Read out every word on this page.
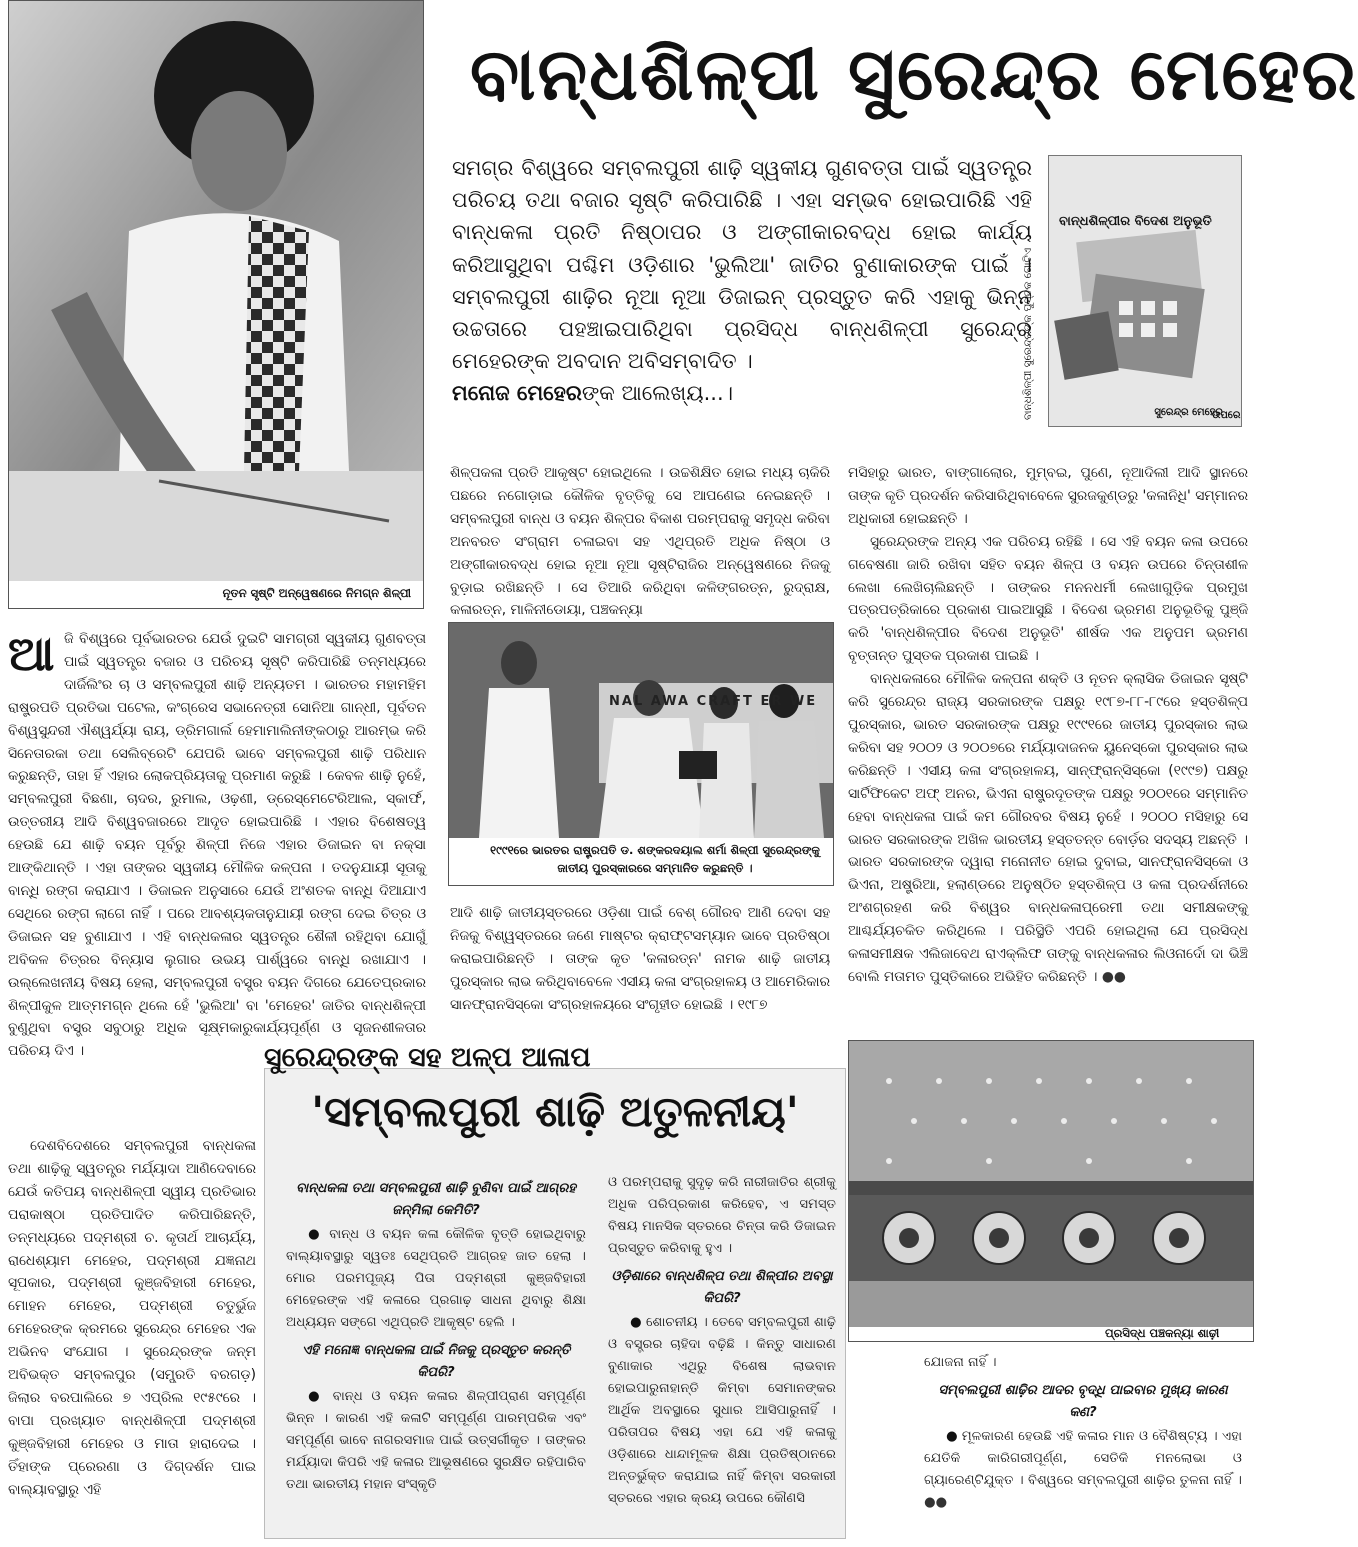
ନୂତନ ସୃଷ୍ଟି ଅନ୍ୱେଷଣରେ ନିମଗ୍ନ ଶିଳ୍ପୀ
ବାନ୍ଧଶିଳ୍ପୀ ସୁରେନ୍ଦ୍ର ମେହେର
ସମଗ୍ର ବିଶ୍ୱରେ ସମ୍ବଲପୁରୀ ଶାଢ଼ି ସ୍ୱକୀୟ ଗୁଣବତ୍ତା ପାଇଁ ସ୍ୱତନ୍ତ୍ର ପରିଚୟ ତଥା ବଜାର ସୃଷ୍ଟି କରିପାରିଛି । ଏହା ସମ୍ଭବ ହୋଇପାରିଛି ଏହି ବାନ୍ଧକଳା ପ୍ରତି ନିଷ୍ଠାପର ଓ ଅଙ୍ଗୀକାରବଦ୍ଧ ହୋଇ କାର୍ଯ୍ୟ କରିଆସୁଥିବା ପଶ୍ଚିମ ଓଡ଼ିଶାର 'ଭୁଲିଆ' ଜାତିର ବୁଣାକାରଙ୍କ ପାଇଁ । ସମ୍ବଲପୁରୀ ଶାଢ଼ିର ନୂଆ ନୂଆ ଡିଜାଇନ୍ ପ୍ରସ୍ତୁତ କରି ଏହାକୁ ଭିନ୍ନ ଉଚ୍ଚତାରେ ପହଞ୍ଚାଇପାରିଥିବା ପ୍ରସିଦ୍ଧ ବାନ୍ଧଶିଳ୍ପୀ ସୁରେନ୍ଦ୍ର ମେହେରଙ୍କ ଅବଦାନ ଅବିସମ୍ବାଦିତ ।
ମନୋଜ ମେହେରଙ୍କ ଆଲେଖ୍ୟ...।
ବାନ୍ଧଶିଳ୍ପୀର ବିଦେଶ ଅନୁଭୂତି
ସୁରେନ୍ଦ୍ର ମେହେର
ବାନ୍ଧଶିଳ୍ପୀ ସୁରେନ୍ଦ୍ରଙ୍କ ପୁସ୍ତକ ଗୋଟିଏ	ଉପରେ
ଆ ଜି ବିଶ୍ୱରେ ପୂର୍ବଭାରତର ଯେଉଁ ଦୁଇଟି ସାମଗ୍ରୀ ସ୍ୱକୀୟ ଗୁଣବତ୍ତା ପାଇଁ ସ୍ୱତନ୍ତ୍ର ବଜାର ଓ ପରିଚୟ ସୃଷ୍ଟି କରିପାରିଛି ତନ୍ମଧ୍ୟରେ ଦାର୍ଜିଲିଂର ଚା ଓ ସମ୍ବଲପୁରୀ ଶାଢ଼ି ଅନ୍ୟତମ । ଭାରତର ମହାମହିମ ରାଷ୍ଟ୍ରପତି ପ୍ରତିଭା ପଟେଲ, କଂଗ୍ରେସ ସଭାନେତ୍ରୀ ସୋନିଆ ଗାନ୍ଧୀ, ପୂର୍ବତନ ବିଶ୍ୱସୁନ୍ଦରୀ ଐଶ୍ୱର୍ଯ୍ୟା ରାୟ, ଡ୍ରିମଗାର୍ଲ ହେମାମାଲିନୀଙ୍କଠାରୁ ଆରମ୍ଭ କରି ସିନେତାରକା ତଥା ସେଲିବ୍ରେଟି ଯେପରି ଭାବେ ସମ୍ବଲପୁରୀ ଶାଢ଼ି ପରିଧାନ କରୁଛନ୍ତି, ତାହା ହିଁ ଏହାର ଲୋକପ୍ରିୟତାକୁ ପ୍ରମାଣ କରୁଛି । କେବଳ ଶାଢ଼ି ନୁହେଁ, ସମ୍ବଲପୁରୀ ବିଛଣା, ଚାଦର, ରୁମାଲ, ଓଢ଼ଣୀ, ଡ୍ରେସ୍‌ମେଟେରିଆଲ, ସ୍କାର୍ଫ, ଉତ୍ତରୀୟ ଆଦି ବିଶ୍ୱବଜାରରେ ଆଦୃତ ହୋଇପାରିଛି । ଏହାର ବିଶେଷତ୍ୱ ହେଉଛି ଯେ ଶାଢ଼ି ବୟନ ପୂର୍ବରୁ ଶିଳ୍ପୀ ନିଜେ ଏହାର ଡିଜାଇନ ବା ନକ୍ସା ଆଙ୍କିଥାନ୍ତି । ଏହା ତାଙ୍କର ସ୍ୱକୀୟ ମୌଳିକ କଳ୍ପନା । ତଦନୁଯାୟୀ ସୂତାକୁ ବାନ୍ଧି ରଙ୍ଗ କରାଯାଏ । ଡିଜାଇନ ଅନୁସାରେ ଯେଉଁ ଅଂଶତକ ବାନ୍ଧି ଦିଆଯାଏ ସେଥିରେ ରଙ୍ଗ ଲାଗେ ନାହିଁ । ପରେ ଆବଶ୍ୟକତାନୁଯାୟୀ ରଙ୍ଗ ଦେଇ ଚିତ୍ର ଓ ଡିଜାଇନ ସହ ବୁଣାଯାଏ । ଏହି ବାନ୍ଧକଳାର ସ୍ୱତନ୍ତ୍ର ଶୈଳୀ ରହିଥିବା ଯୋଗୁଁ ଅବିକଳ ଚିତ୍ରର ବିନ୍ୟାସ ଲୁଗାର ଉଭୟ ପାର୍ଶ୍ୱରେ ବାନ୍ଧି ରଖାଯାଏ । ଉଲ୍ଲେଖନୀୟ ବିଷୟ ହେଲା, ସମ୍ବଲପୁରୀ ବସ୍ତ୍ର ବୟନ ଦିଗରେ ଯେତେପ୍ରକାର ଶିଳ୍ପୀକୁଳ ଆତ୍ମମଗ୍ନ ଥିଲେ ହେଁ 'ଭୁଲିଆ' ବା 'ମେହେର' ଜାତିର ବାନ୍ଧଶିଳ୍ପୀ ବୁଣୁଥିବା ବସ୍ତ୍ର ସବୁଠାରୁ ଅଧିକ ସୂକ୍ଷ୍ମକାରୁକାର୍ଯ୍ୟପୂର୍ଣ୍ଣ ଓ ସୃଜନଶୀଳତାର ପରିଚୟ ଦିଏ ।

ଦେଶବିଦେଶରେ ସମ୍ବଲପୁରୀ ବାନ୍ଧକଳା ତଥା ଶାଢ଼ିକୁ ସ୍ୱତନ୍ତ୍ର ମର୍ଯ୍ୟାଦା ଆଣିଦେବାରେ ଯେଉଁ କତିପୟ ବାନ୍ଧଶିଳ୍ପୀ ସ୍ୱୀୟ ପ୍ରତିଭାର ପରାକାଷ୍ଠା ପ୍ରତିପାଦିତ କରିପାରିଛନ୍ତି, ତନ୍ମଧ୍ୟରେ ପଦ୍ମଶ୍ରୀ ଚ. କୃତାର୍ଥ ଆଚାର୍ଯ୍ୟ, ରାଧେଶ୍ୟାମ ମେହେର, ପଦ୍ମଶ୍ରୀ ଯଜ୍ଞନାଥ ସୂପକାର, ପଦ୍ମଶ୍ରୀ କୁଞ୍ଜବିହାରୀ ମେହେର, ମୋହନ ମେହେର, ପଦ୍ମଶ୍ରୀ ଚତୁର୍ଭୁଜ ମେହେରଙ୍କ କ୍ରମରେ ସୁରେନ୍ଦ୍ର ମେହେର ଏକ ଅଭିନବ ସଂଯୋଗ । ସୁରେନ୍ଦ୍ରଙ୍କ ଜନ୍ମ ଅବିଭକ୍ତ ସମ୍ବଲପୁର (ସମ୍ପ୍ରତି ବରଗଡ଼) ଜିଲାର ବରପାଲିରେ ୭ ଏପ୍ରିଲ ୧୯୫୯ରେ । ବାପା ପ୍ରଖ୍ୟାତ ବାନ୍ଧଶିଳ୍ପୀ ପଦ୍ମଶ୍ରୀ କୁଞ୍ଜବିହାରୀ ମେହେର ଓ ମାତା ହାରାଦେଇ । ତିଁହାଙ୍କ ପ୍ରେରଣା ଓ ଦିଗ୍‌ଦର୍ଶନ ପାଇ ବାଲ୍ୟାବସ୍ଥାରୁ ଏହି

ଶିଳ୍ପକଳା ପ୍ରତି ଆକୃଷ୍ଟ ହୋଇଥିଲେ । ଉଚ୍ଚଶିକ୍ଷିତ ହୋଇ ମଧ୍ୟ ଚାକିରି ପଛରେ ନଗୋଡ଼ାଇ କୌଳିକ ବୃତ୍ତିକୁ ସେ ଆପଣେଇ ନେଇଛନ୍ତି । ସମ୍ବଲପୁରୀ ବାନ୍ଧ ଓ ବୟନ ଶିଳ୍ପର ବିକାଶ ପରମ୍ପରାକୁ ସମୃଦ୍ଧ କରିବା ଅନବରତ ସଂଗ୍ରାମ ଚଳାଇବା ସହ ଏଥିପ୍ରତି ଅଧିକ ନିଷ୍ଠା ଓ ଅଙ୍ଗୀକାରବଦ୍ଧ ହୋଇ ନୂଆ ନୂଆ ସୃଷ୍ଟିରାଜିର ଅନ୍ୱେଷଣରେ ନିଜକୁ ବୁଡ଼ାଇ ରଖିଛନ୍ତି । ସେ ତିଆରି କରିଥିବା କଳିଙ୍ଗରତ୍ନ, ରୁଦ୍ରାକ୍ଷ, କଳାରତ୍ନ, ମାଳିନୀଡୋୟା, ପଞ୍ଚକନ୍ୟା

NAL AWA CRAFT ER WE
୧୯୯୧ରେ ଭାରତର ରାଷ୍ଟ୍ରପତି ଡ. ଶଙ୍କରଦୟାଲ ଶର୍ମା ଶିଳ୍ପୀ ସୁରେନ୍ଦ୍ରଙ୍କୁ
ଜାତୀୟ ପୁରସ୍କାରରେ ସମ୍ମାନିତ କରୁଛନ୍ତି ।

ଆଦି ଶାଢ଼ି ଜାତୀୟସ୍ତରରେ ଓଡ଼ିଶା ପାଇଁ ବେଶ୍ ଗୌରବ ଆଣି ଦେବା ସହ ନିଜକୁ ବିଶ୍ୱସ୍ତରରେ ଜଣେ ମାଷ୍ଟର କ୍ରାଫ୍ଟସମ୍ୟାନ ଭାବେ ପ୍ରତିଷ୍ଠା କରାଇପାରିଛନ୍ତି । ତାଙ୍କ କୃତ 'କଳାରତ୍ନ' ନାମକ ଶାଢ଼ି ଜାତୀୟ ପୁରସ୍କାର ଲାଭ କରିଥିବାବେଳେ ଏସୀୟ କଳା ସଂଗ୍ରହାଳୟ ଓ ଆମେରିକାର ସାନଫ୍ରାନସିସ୍କୋ ସଂଗ୍ରହାଳୟରେ ସଂଗୃହୀତ ହୋଇଛି । ୧୯୮୭

ମସିହାରୁ ଭାରତ, ବାଙ୍ଗାଲୋର, ମୁମ୍ବଇ, ପୁଣେ, ନୂଆଦିଲୀ ଆଦି ସ୍ଥାନରେ ତାଙ୍କ କୃତି ପ୍ରଦର୍ଶନ କରିସାରିଥିବାବେଳେ ସୁରଜକୁଣ୍ଡରୁ 'କଳାନିଧି' ସମ୍ମାନର ଅଧିକାରୀ ହୋଇଛନ୍ତି ।

ସୁରେନ୍ଦ୍ରଙ୍କ ଅନ୍ୟ ଏକ ପରିଚୟ ରହିଛି । ସେ ଏହି ବୟନ କଳା ଉପରେ ଗବେଷଣା ଜାରି ରଖିବା ସହିତ ବୟନ ଶିଳ୍ପ ଓ ବୟନ ଉପରେ ଚିନ୍ତାଶୀଳ ଲେଖା ଲେଖିଚାଲିଛନ୍ତି । ତାଙ୍କର ମନନଧର୍ମୀ ଲେଖାଗୁଡ଼ିକ ପ୍ରମୁଖ ପତ୍ରପତ୍ରିକାରେ ପ୍ରକାଶ ପାଇଆସୁଛି । ବିଦେଶ ଭ୍ରମଣ ଅନୁଭୂତିକୁ ପୁଞ୍ଜି କରି 'ବାନ୍ଧଶିଳ୍ପୀର ବିଦେଶ ଅନୁଭୂତି' ଶୀର୍ଷକ ଏକ ଅନୁପମ ଭ୍ରମଣ ବୃତ୍ତାନ୍ତ ପୁସ୍ତକ ପ୍ରକାଶ ପାଇଛି ।

ବାନ୍ଧକଳାରେ ମୌଳିକ କଳ୍ପନା ଶକ୍ତି ଓ ନୂତନ କ୍ଲାସିକ ଡିଜାଇନ ସୃଷ୍ଟି କରି ସୁରେନ୍ଦ୍ର ରାଜ୍ୟ ସରକାରଙ୍କ ପକ୍ଷରୁ ୧୯୮୭-୮୮-୮୯ରେ ହସ୍ତଶିଳ୍ପ ପୁରସ୍କାର, ଭାରତ ସରକାରଙ୍କ ପକ୍ଷରୁ ୧୯୯୧ରେ ଜାତୀୟ ପୁରସ୍କାର ଲାଭ କରିବା ସହ ୨୦୦୨ ଓ ୨୦୦୭ରେ ମର୍ଯ୍ୟାଦାଜନକ ୟୁନେସ୍କୋ ପୁରସ୍କାର ଲାଭ କରିଛନ୍ତି । ଏସୀୟ କଳା ସଂଗ୍ରହାଳୟ, ସାନ୍‌ଫ୍ରାନ୍‌ସିସ୍କୋ (୧୯୯୭) ପକ୍ଷରୁ ସାର୍ଟିଫିକେଟ ଅଫ୍ ଅନର, ଭିଏନା ରାଷ୍ଟ୍ରଦୂତଙ୍କ ପକ୍ଷରୁ ୨୦୦୧ରେ ସମ୍ମାନିତ ହେବା ବାନ୍ଧକଳା ପାଇଁ କମ ଗୌରବର ବିଷୟ ନୁହେଁ । ୨୦୦୦ ମସିହାରୁ ସେ ଭାରତ ସରକାରଙ୍କ ଅଖିଳ ଭାରତୀୟ ହସ୍ତତନ୍ତ ବୋର୍ଡ଼ର ସଦସ୍ୟ ଅଛନ୍ତି । ଭାରତ ସରକାରଙ୍କ ଦ୍ୱାରା ମନୋନୀତ ହୋଇ ଦୁବାଇ, ସାନଫ୍ରାନସିସ୍କୋ ଓ ଭିଏନା, ଅଷ୍ଟ୍ରିଆ, ହଲାଣ୍ଡରେ ଅନୁଷ୍ଠିତ ହସ୍ତଶିଳ୍ପ ଓ କଳା ପ୍ରଦର୍ଶନୀରେ ଅଂଶଗ୍ରହଣ କରି ବିଶ୍ୱର ବାନ୍ଧକଳାପ୍ରେମୀ ତଥା ସମୀକ୍ଷକଙ୍କୁ ଆଶ୍ଚର୍ଯ୍ୟଚକିତ କରିଥିଲେ । ପରିସ୍ଥିତି ଏପରି ହୋଇଥିଲା ଯେ ପ୍ରସିଦ୍ଧ କଳାସମୀକ୍ଷକ ଏଲିଜାବେଥ ରାଏକ୍ଲିଫ ତାଙ୍କୁ ବାନ୍ଧକଳାର ଲିଓନାର୍ଦୋ ଦା ଭିଞ୍ଚି ବୋଲି ମତାମତ ପୁସ୍ତିକାରେ ଅଭିହିତ କରିଛନ୍ତି । ●●

ସୁରେନ୍ଦ୍ରଙ୍କ ସହ ଅଳ୍ପ ଆଳାପ
'ସମ୍ବଲପୁରୀ ଶାଢ଼ି ଅତୁଳନୀୟ'
ବାନ୍ଧକଳା ତଥା ସମ୍ବଲପୁରୀ ଶାଢ଼ି ବୁଣିବା ପାଇଁ ଆଗ୍ରହ ଜନ୍ମିଲା କେମିତି?

● ବାନ୍ଧ ଓ ବୟନ କଳା କୌଳିକ ବୃତ୍ତି ହୋଇଥିବାରୁ ବାଲ୍ୟାବସ୍ଥାରୁ ସ୍ୱତଃ ସେଥିପ୍ରତି ଆଗ୍ରହ ଜାତ ହେଲା । ମୋର ପରମପୂଜ୍ୟ ପିତା ପଦ୍ମଶ୍ରୀ କୁଞ୍ଜବିହାରୀ ମେହେରଙ୍କ ଏହି କଳାରେ ପ୍ରଗାଢ଼ ସାଧନା ଥିବାରୁ ଶିକ୍ଷା ଅଧ୍ୟୟନ ସଙ୍ଗେ ଏଥିପ୍ରତି ଆକୃଷ୍ଟ ହେଲି ।

ଏହି ମନୋଜ୍ଞ ବାନ୍ଧକଳା ପାଇଁ ନିଜକୁ ପ୍ରସ୍ତୁତ କରନ୍ତି କିପରି?

● ବାନ୍ଧ ଓ ବୟନ କଳାର ଶିଳ୍ପୀପ୍ରାଣ ସମ୍ପୂର୍ଣ୍ଣ ଭିନ୍ନ । କାରଣ ଏହି କଳାଟି ସମ୍ପୂର୍ଣ୍ଣ ପାରମ୍ପରିକ ଏବଂ ସମ୍ପୂର୍ଣ୍ଣ ଭାବେ ନାଗରସମାଜ ପାଇଁ ଉତ୍ସର୍ଗୀକୃତ । ତାଙ୍କର ମର୍ଯ୍ୟାଦା କିପରି ଏହି କଳାର ଆଭୂଷଣରେ ସୁରକ୍ଷିତ ରହିପାରିବ ତଥା ଭାରତୀୟ ମହାନ ସଂସ୍କୃତି

ଓ ପରମ୍ପରାକୁ ସୁଦୃଢ଼ କରି ନାରୀଜାତିର ଶ୍ରୀକୁ ଅଧିକ ପରିପ୍ରକାଶ କରିହେବ, ଏ ସମସ୍ତ ବିଷୟ ମାନସିକ ସ୍ତରରେ ଚିନ୍ତା କରି ଡିଜାଇନ ପ୍ରସ୍ତୁତ କରିବାକୁ ହୁଏ ।

ଓଡ଼ିଶାରେ ବାନ୍ଧଶିଳ୍ପ ତଥା ଶିଳ୍ପୀର ଅବସ୍ଥା କିପରି?

● ଶୋଚନୀୟ । ତେବେ ସମ୍ବଲପୁରୀ ଶାଢ଼ି ଓ ବସ୍ତ୍ରର ଚାହିଦା ବଢ଼ିଛି । କିନ୍ତୁ ସାଧାରଣ ବୁଣାକାର ଏଥିରୁ ବିଶେଷ ଲାଭବାନ ହୋଇପାରୁନାହାନ୍ତି କିମ୍ବା ସେମାନଙ୍କର ଆର୍ଥିକ ଅବସ୍ଥାରେ ସୁଧାର ଆସିପାରୁନାହିଁ । ପରିତାପର ବିଷୟ ଏହା ଯେ ଏହି କଳାକୁ ଓଡ଼ିଶାରେ ଧାନ୍ଦାମୂଳକ ଶିକ୍ଷା ପ୍ରତିଷ୍ଠାନରେ ଅନ୍ତର୍ଭୁକ୍ତ କରାଯାଇ ନାହିଁ କିମ୍ବା ସରକାରୀ ସ୍ତରରେ ଏହାର କ୍ରୟ ଉପରେ କୌଣସି

ପ୍ରସିଦ୍ଧ ପଞ୍ଚକନ୍ୟା ଶାଢ଼ୀ

ଯୋଜନା ନାହିଁ ।

ସମ୍ବଲପୁରୀ ଶାଢ଼ିର ଆଦର ବୃଦ୍ଧି ପାଇବାର ମୁଖ୍ୟ କାରଣ କଣ?

● ମୂଳକାରଣ ହେଉଛି ଏହି କଳାର ମାନ ଓ ବୈଶିଷ୍ଟ୍ୟ । ଏହା ଯେତିକି କାରିଗରୀପୂର୍ଣ୍ଣ, ସେତିକି ମନଲୋଭା ଓ ଗ୍ୟାରେଣ୍ଟିଯୁକ୍ତ । ବିଶ୍ୱରେ ସମ୍ବଲପୁରୀ ଶାଢ଼ିର ତୁଳନା ନାହିଁ । ●●
